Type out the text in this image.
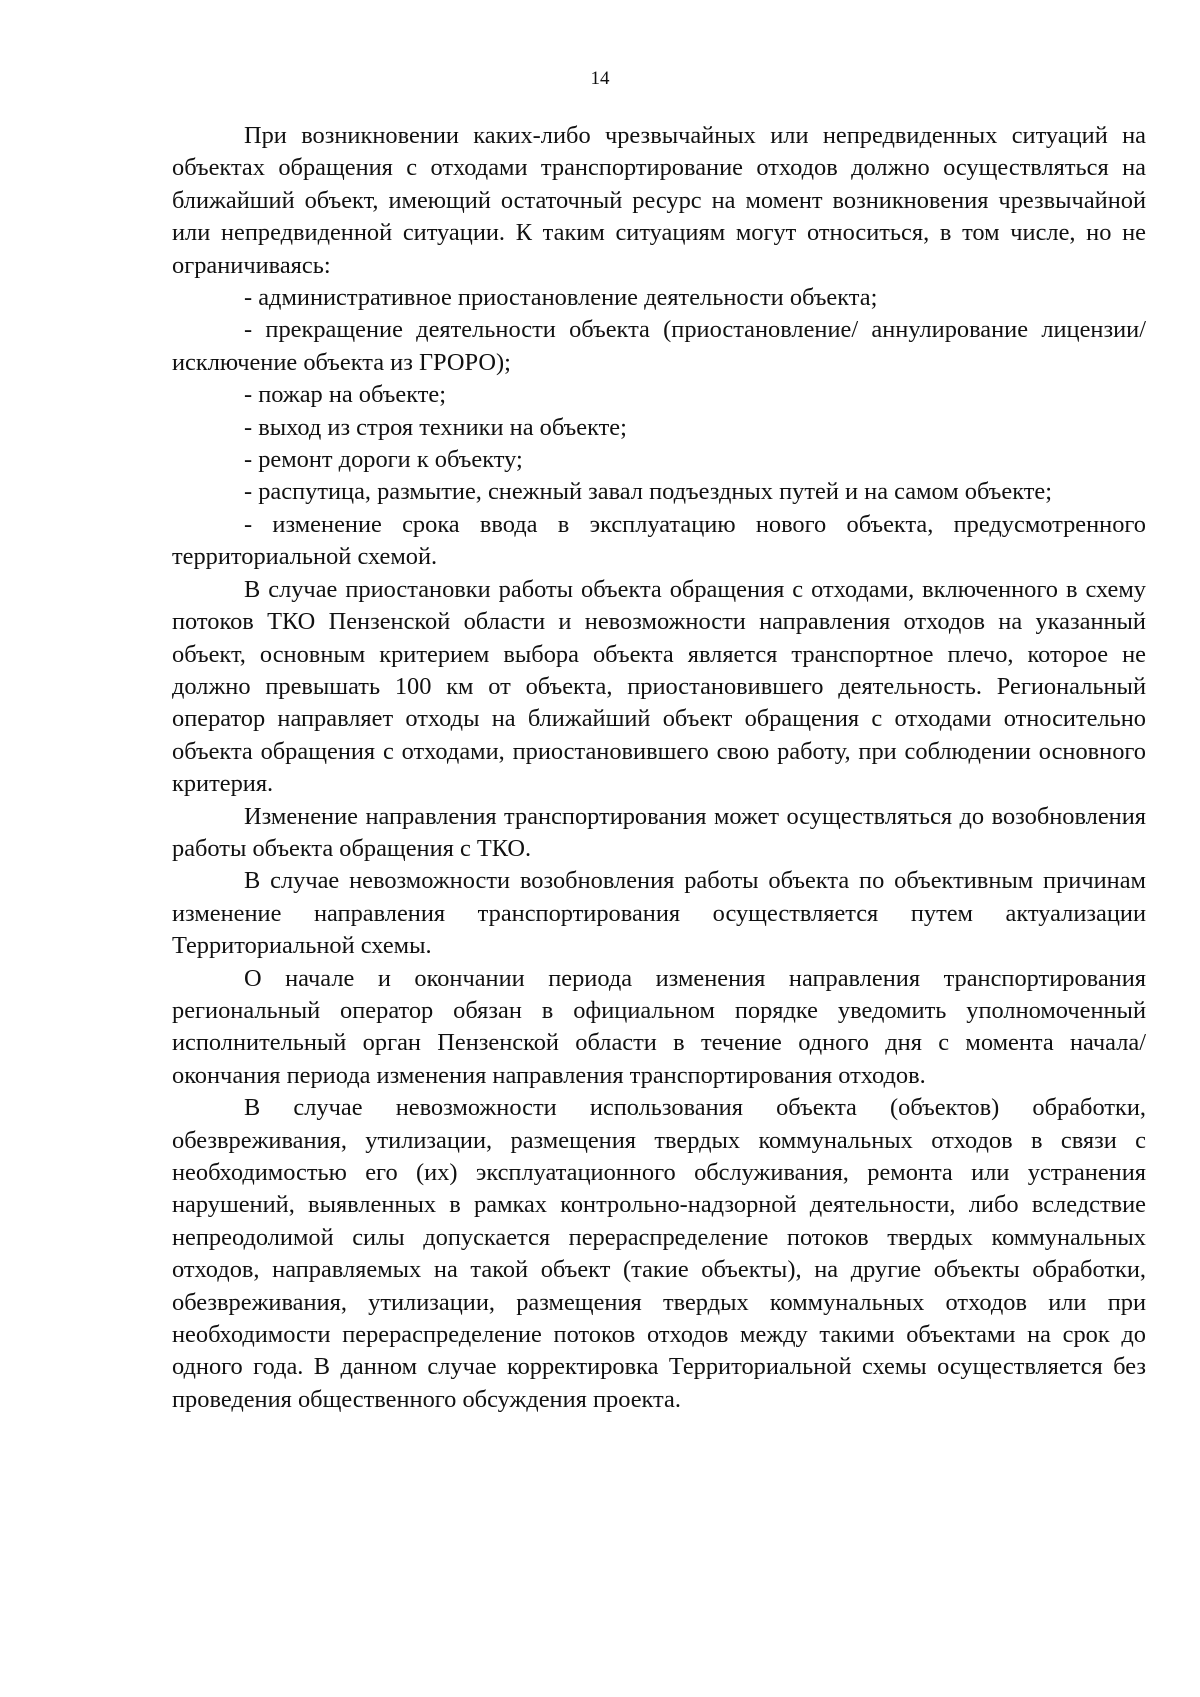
14

При возникновении каких-либо чрезвычайных или непредвиденных ситуаций на объектах обращения с отходами транспортирование отходов должно осуществляться на ближайший объект, имеющий остаточный ресурс на момент возникновения чрезвычайной или непредвиденной ситуации. К таким ситуациям могут относиться, в том числе, но не ограничиваясь:

- административное приостановление деятельности объекта;

- прекращение деятельности объекта (приостановление/ аннулирование лицензии/ исключение объекта из ГРОРО);

- пожар на объекте;

- выход из строя техники на объекте;

- ремонт дороги к объекту;

- распутица, размытие, снежный завал подъездных путей и на самом объекте;

- изменение срока ввода в эксплуатацию нового объекта, предусмотренного территориальной схемой.

В случае приостановки работы объекта обращения с отходами, включенного в схему потоков ТКО Пензенской области и невозможности направления отходов на указанный объект, основным критерием выбора объекта является транспортное плечо, которое не должно превышать 100 км от объекта, приостановившего деятельность. Региональный оператор направляет отходы на ближайший объект обращения с отходами относительно объекта обращения с отходами, приостановившего свою работу, при соблюдении основного критерия.

Изменение направления транспортирования может осуществляться до возобновления работы объекта обращения с ТКО.

В случае невозможности возобновления работы объекта по объективным причинам изменение направления транспортирования осуществляется путем актуализации Территориальной схемы.

О начале и окончании периода изменения направления транспортирования региональный оператор обязан в официальном порядке уведомить уполномоченный исполнительный орган Пензенской области в течение одного дня с момента начала/окончания периода изменения направления транспортирования отходов.

В случае невозможности использования объекта (объектов) обработки, обезвреживания, утилизации, размещения твердых коммунальных отходов в связи с необходимостью его (их) эксплуатационного обслуживания, ремонта или устранения нарушений, выявленных в рамках контрольно-надзорной деятельности, либо вследствие непреодолимой силы допускается перераспределение потоков твердых коммунальных отходов, направляемых на такой объект (такие объекты), на другие объекты обработки, обезвреживания, утилизации, размещения твердых коммунальных отходов или при необходимости перераспределение потоков отходов между такими объектами на срок до одного года. В данном случае корректировка Территориальной схемы осуществляется без проведения общественного обсуждения проекта.
